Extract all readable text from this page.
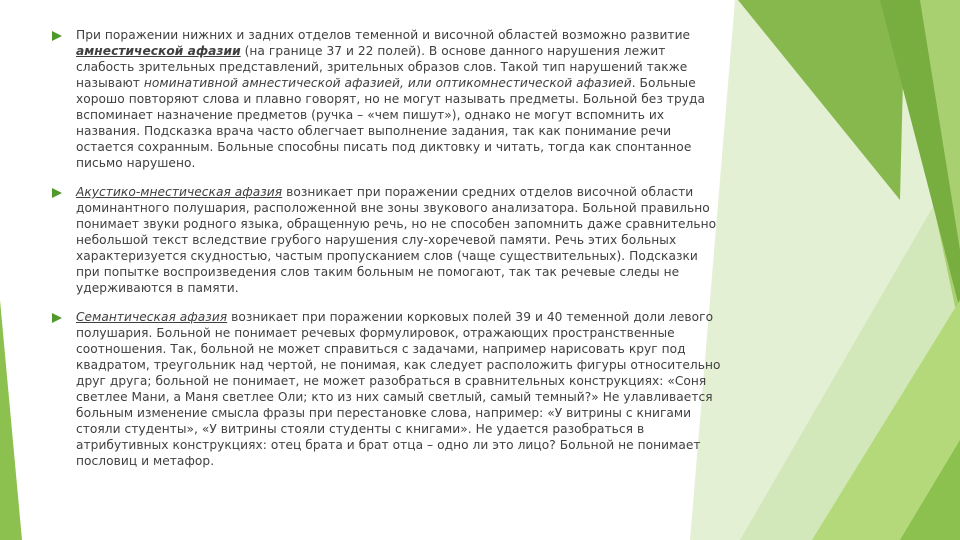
При поражении нижних и задних отделов теменной и височной областей возможно развитие амнестической афазии (на границе 37 и 22 полей). В основе данного нарушения лежит слабость зрительных представлений, зрительных образов слов. Такой тип нарушений также называют номинативной амнестической афазией, или оптикомнестической афазией. Больные хорошо повторяют слова и плавно говорят, но не могут называть предметы. Больной без труда вспоминает назначение предметов (ручка – «чем пишут»), однако не могут вспомнить их названия. Подсказка врача часто облегчает выполнение задания, так как понимание речи остается сохранным. Больные способны писать под диктовку и читать, тогда как спонтанное письмо нарушено.

Акустико-мнестическая афазия возникает при поражении средних отделов височной области доминантного полушария, расположенной вне зоны звукового анализатора. Больной правильно понимает звуки родного языка, обращенную речь, но не способен запомнить даже сравнительно небольшой текст вследствие грубого нарушения слу-хоречевой памяти. Речь этих больных характеризуется скудностью, частым пропусканием слов (чаще существительных). Подсказки при попытке воспроизведения слов таким больным не помогают, так так речевые следы не удерживаются в памяти.

Семантическая афазия возникает при поражении корковых полей 39 и 40 теменной доли левого полушария. Больной не понимает речевых формулировок, отражающих пространственные соотношения. Так, больной не может справиться с задачами, например нарисовать круг под квадратом, треугольник над чертой, не понимая, как следует расположить фигуры относительно друг друга; больной не понимает, не может разобраться в сравнительных конструкциях: «Соня светлее Мани, а Маня светлее Оли; кто из них самый светлый, самый темный?» Не улавливается больным изменение смысла фразы при перестановке слова, например: «У витрины с книгами стояли студенты», «У витрины стояли студенты с книгами». Не удается разобраться в атрибутивных конструкциях: отец брата и брат отца – одно ли это лицо? Больной не понимает пословиц и метафор.
